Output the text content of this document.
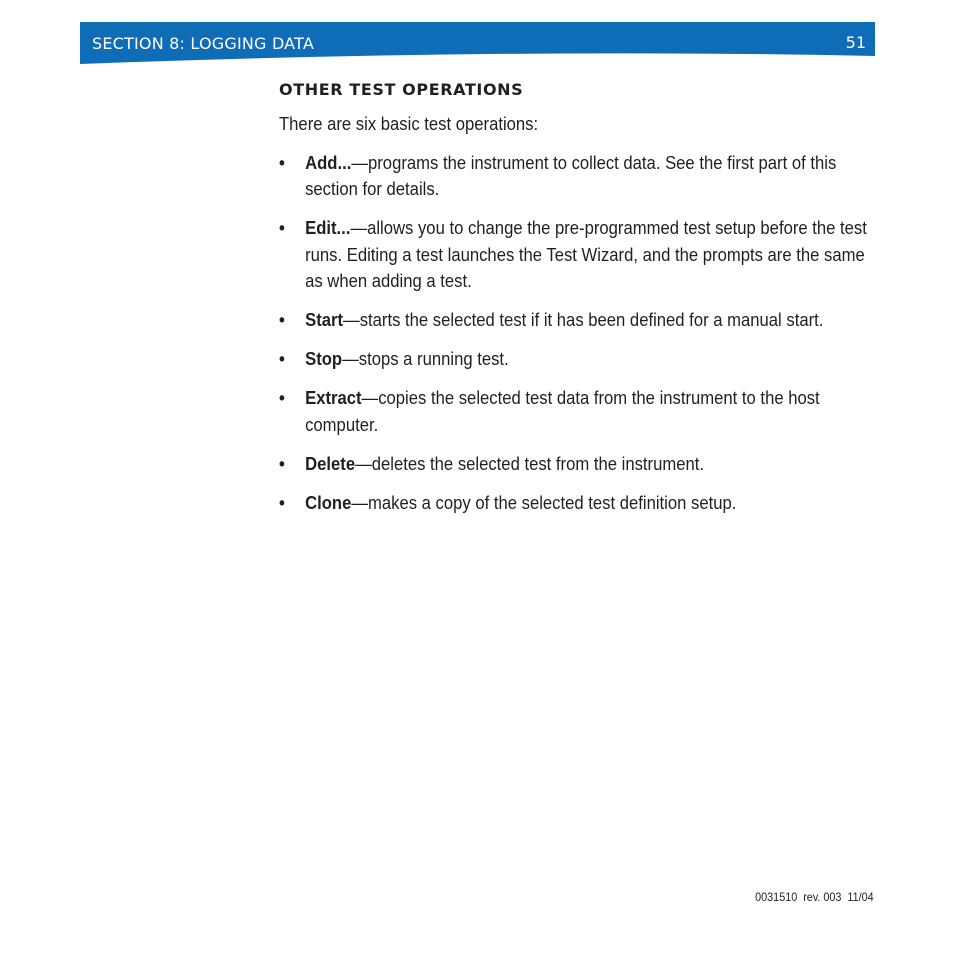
SECTION 8: LOGGING DATA	51
OTHER TEST OPERATIONS
There are six basic test operations:
• Add...—programs the instrument to collect data. See the first part of this section for details.
• Edit...—allows you to change the pre-programmed test setup before the test runs. Editing a test launches the Test Wizard, and the prompts are the same as when adding a test.
• Start—starts the selected test if it has been defined for a manual start.
• Stop—stops a running test.
• Extract—copies the selected test data from the instrument to the host computer.
• Delete—deletes the selected test from the instrument.
• Clone—makes a copy of the selected test definition setup.
0031510  rev. 003  11/04
